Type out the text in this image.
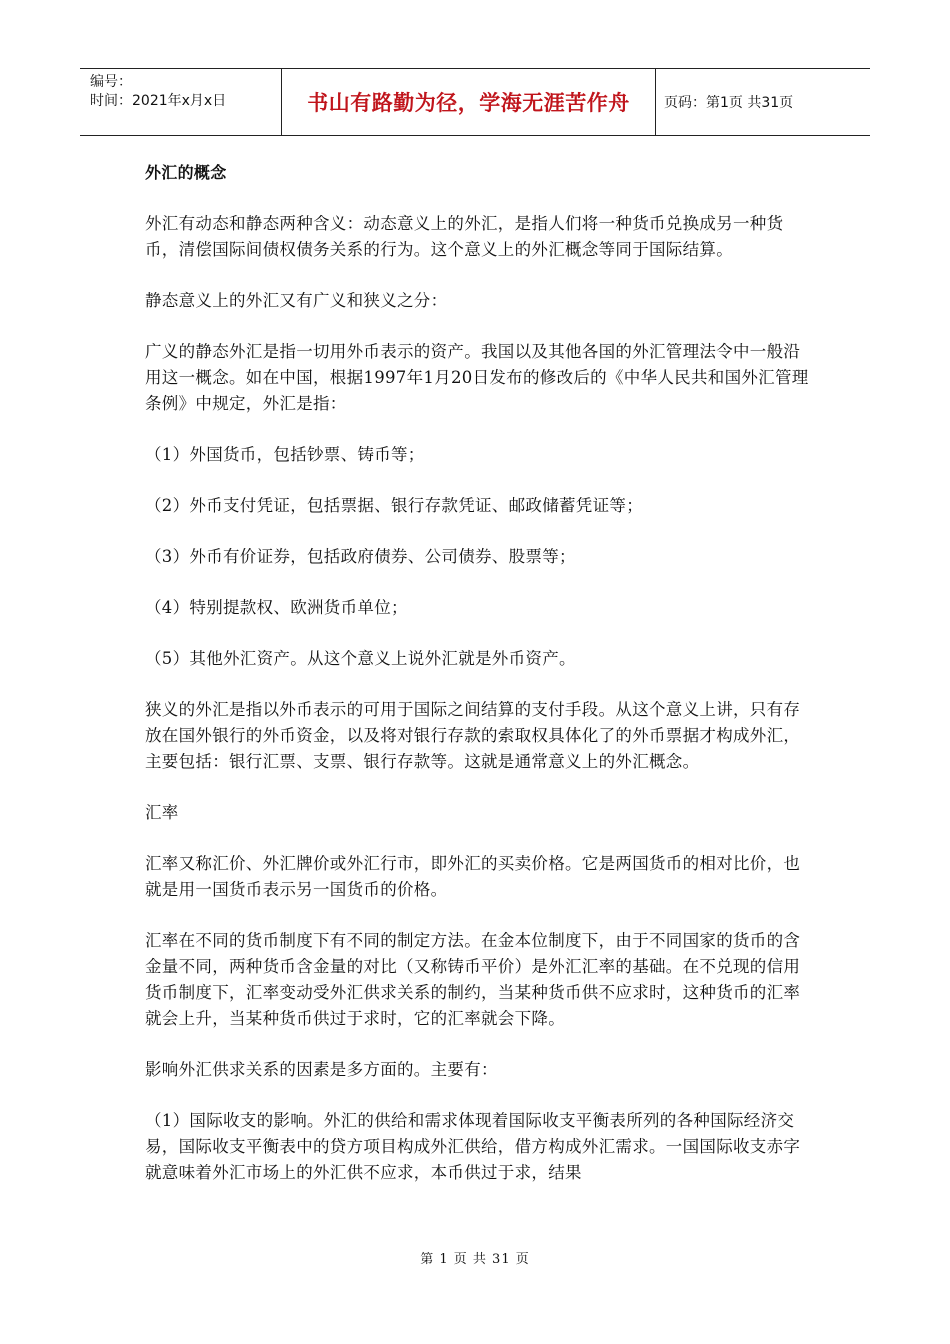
编号：
时间：2021年x月x日	书山有路勤为径，学海无涯苦作舟 页码：第1页 共31页

外汇的概念

外汇有动态和静态两种含义：动态意义上的外汇，是指人们将一种货币兑换成另一种货币，清偿国际间债权债务关系的行为。这个意义上的外汇概念等同于国际结算。

静态意义上的外汇又有广义和狭义之分：

广义的静态外汇是指一切用外币表示的资产。我国以及其他各国的外汇管理法令中一般沿用这一概念。如在中国，根据1997年1月20日发布的修改后的《中华人民共和国外汇管理条例》中规定，外汇是指：

（1）外国货币，包括钞票、铸币等；

（2）外币支付凭证，包括票据、银行存款凭证、邮政储蓄凭证等；

（3）外币有价证券，包括政府债券、公司债券、股票等；

（4）特别提款权、欧洲货币单位；

（5）其他外汇资产。从这个意义上说外汇就是外币资产。

狭义的外汇是指以外币表示的可用于国际之间结算的支付手段。从这个意义上讲，只有存放在国外银行的外币资金，以及将对银行存款的索取权具体化了的外币票据才构成外汇，主要包括：银行汇票、支票、银行存款等。这就是通常意义上的外汇概念。

汇率

汇率又称汇价、外汇牌价或外汇行市，即外汇的买卖价格。它是两国货币的相对比价，也就是用一国货币表示另一国货币的价格。

汇率在不同的货币制度下有不同的制定方法。在金本位制度下，由于不同国家的货币的含金量不同，两种货币含金量的对比（又称铸币平价）是外汇汇率的基础。在不兑现的信用货币制度下，汇率变动受外汇供求关系的制约，当某种货币供不应求时，这种货币的汇率就会上升，当某种货币供过于求时，它的汇率就会下降。

影响外汇供求关系的因素是多方面的。主要有：

（1）国际收支的影响。外汇的供给和需求体现着国际收支平衡表所列的各种国际经济交易，国际收支平衡表中的贷方项目构成外汇供给，借方构成外汇需求。一国国际收支赤字就意味着外汇市场上的外汇供不应求，本币供过于求，结果

第 1 页 共 31 页
